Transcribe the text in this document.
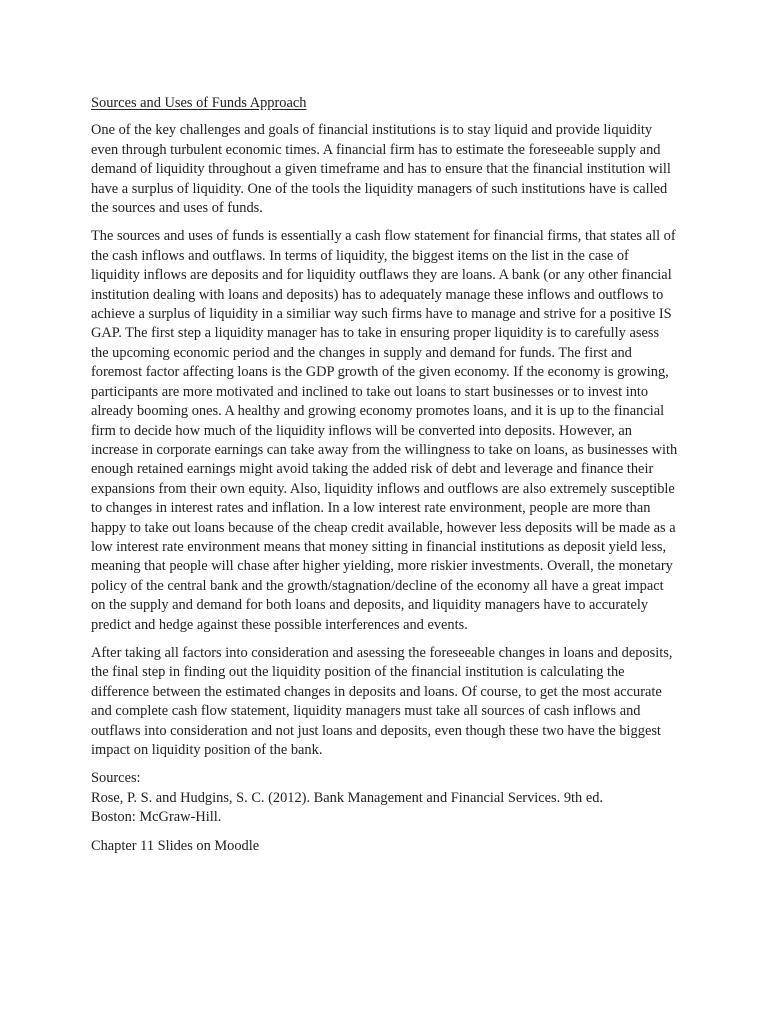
Sources and Uses of Funds Approach

One of the key challenges and goals of financial institutions is to stay liquid and provide liquidity even through turbulent economic times. A financial firm has to estimate the foreseeable supply and demand of liquidity throughout a given timeframe and has to ensure that the financial institution will have a surplus of liquidity. One of the tools the liquidity managers of such institutions have is called the sources and uses of funds.

The sources and uses of funds is essentially a cash flow statement for financial firms, that states all of the cash inflows and outflaws. In terms of liquidity, the biggest items on the list in the case of liquidity inflows are deposits and for liquidity outflaws they are loans. A bank (or any other financial institution dealing with loans and deposits) has to adequately manage these inflows and outflows to achieve a surplus of liquidity in a similiar way such firms have to manage and strive for a positive IS GAP. The first step a liquidity manager has to take in ensuring proper liquidity is to carefully asess the upcoming economic period and the changes in supply and demand for funds. The first and foremost factor affecting loans is the GDP growth of the given economy. If the economy is growing, participants are more motivated and inclined to take out loans to start businesses or to invest into already booming ones. A healthy and growing economy promotes loans, and it is up to the financial firm to decide how much of the liquidity inflows will be converted into deposits. However, an increase in corporate earnings can take away from the willingness to take on loans, as businesses with enough retained earnings might avoid taking the added risk of debt and leverage and finance their expansions from their own equity. Also, liquidity inflows and outflows are also extremely susceptible to changes in interest rates and inflation. In a low interest rate environment, people are more than happy to take out loans because of the cheap credit available, however less deposits will be made as a low interest rate environment means that money sitting in financial institutions as deposit yield less, meaning that people will chase after higher yielding, more riskier investments. Overall, the monetary policy of the central bank and the growth/stagnation/decline of the economy all have a great impact on the supply and demand for both loans and deposits, and liquidity managers have to accurately predict and hedge against these possible interferences and events.

After taking all factors into consideration and asessing the foreseeable changes in loans and deposits, the final step in finding out the liquidity position of the financial institution is calculating the difference between the estimated changes in deposits and loans. Of course, to get the most accurate and complete cash flow statement, liquidity managers must take all sources of cash inflows and outflaws into consideration and not just loans and deposits, even though these two have the biggest impact on liquidity position of the bank.

Sources:
Rose, P. S. and Hudgins, S. C. (2012). Bank Management and Financial Services. 9th ed.
Boston: McGraw-Hill.
Chapter 11 Slides on Moodle
